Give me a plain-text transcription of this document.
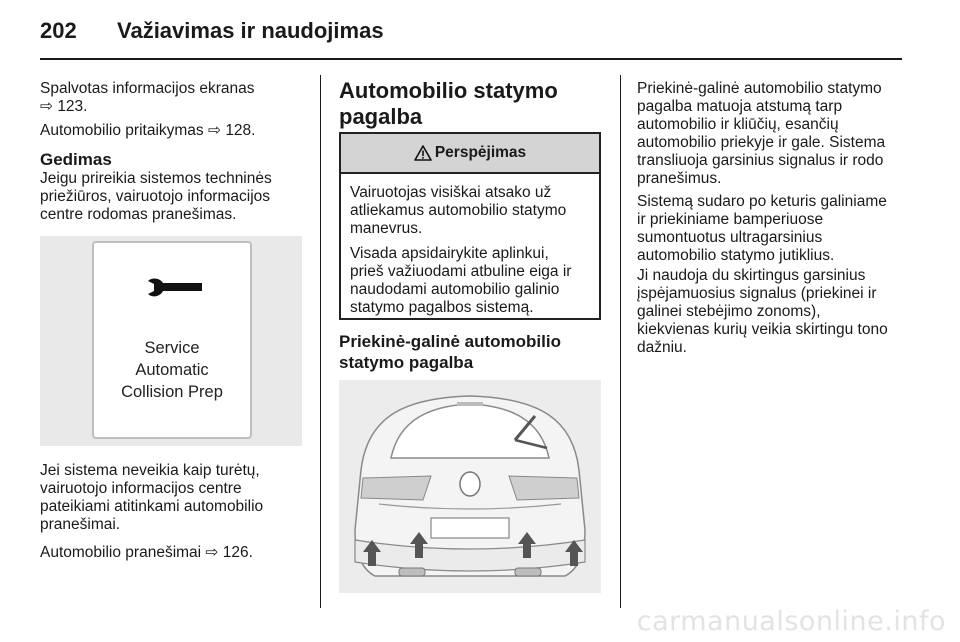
202 Važiavimas ir naudojimas

Spalvotas informacijos ekranas

⇨ 123.

Automobilio pritaikymas ⇨ 128.

Gedimas

Jeigu prireikia sistemos techninės

priežiūros, vairuotojo informacijos

centre rodomas pranešimas.

Service
Automatic
Collision Prep

Jei sistema neveikia kaip turėtų,

vairuotojo informacijos centre

pateikiami atitinkami automobilio

pranešimai.

Automobilio pranešimai ⇨ 126.

Automobilio statymo

pagalba

Perspėjimas

Vairuotojas visiškai atsako už

atliekamus automobilio statymo

manevrus.

Visada apsidairykite aplinkui,

prieš važiuodami atbuline eiga ir

naudodami automobilio galinio

statymo pagalbos sistemą.

Priekinė-galinė automobilio

statymo pagalba

Priekinė-galinė automobilio statymo

pagalba matuoja atstumą tarp

automobilio ir kliūčių, esančių

automobilio priekyje ir gale. Sistema

transliuoja garsinius signalus ir rodo

pranešimus.

Sistemą sudaro po keturis galiniame

ir priekiniame bamperiuose

sumontuotus ultragarsinius

automobilio statymo jutiklius.

Ji naudoja du skirtingus garsinius

įspėjamuosius signalus (priekinei ir

galinei stebėjimo zonoms),

kiekvienas kurių veikia skirtingu tono

dažniu.

carmanualsonline.info
